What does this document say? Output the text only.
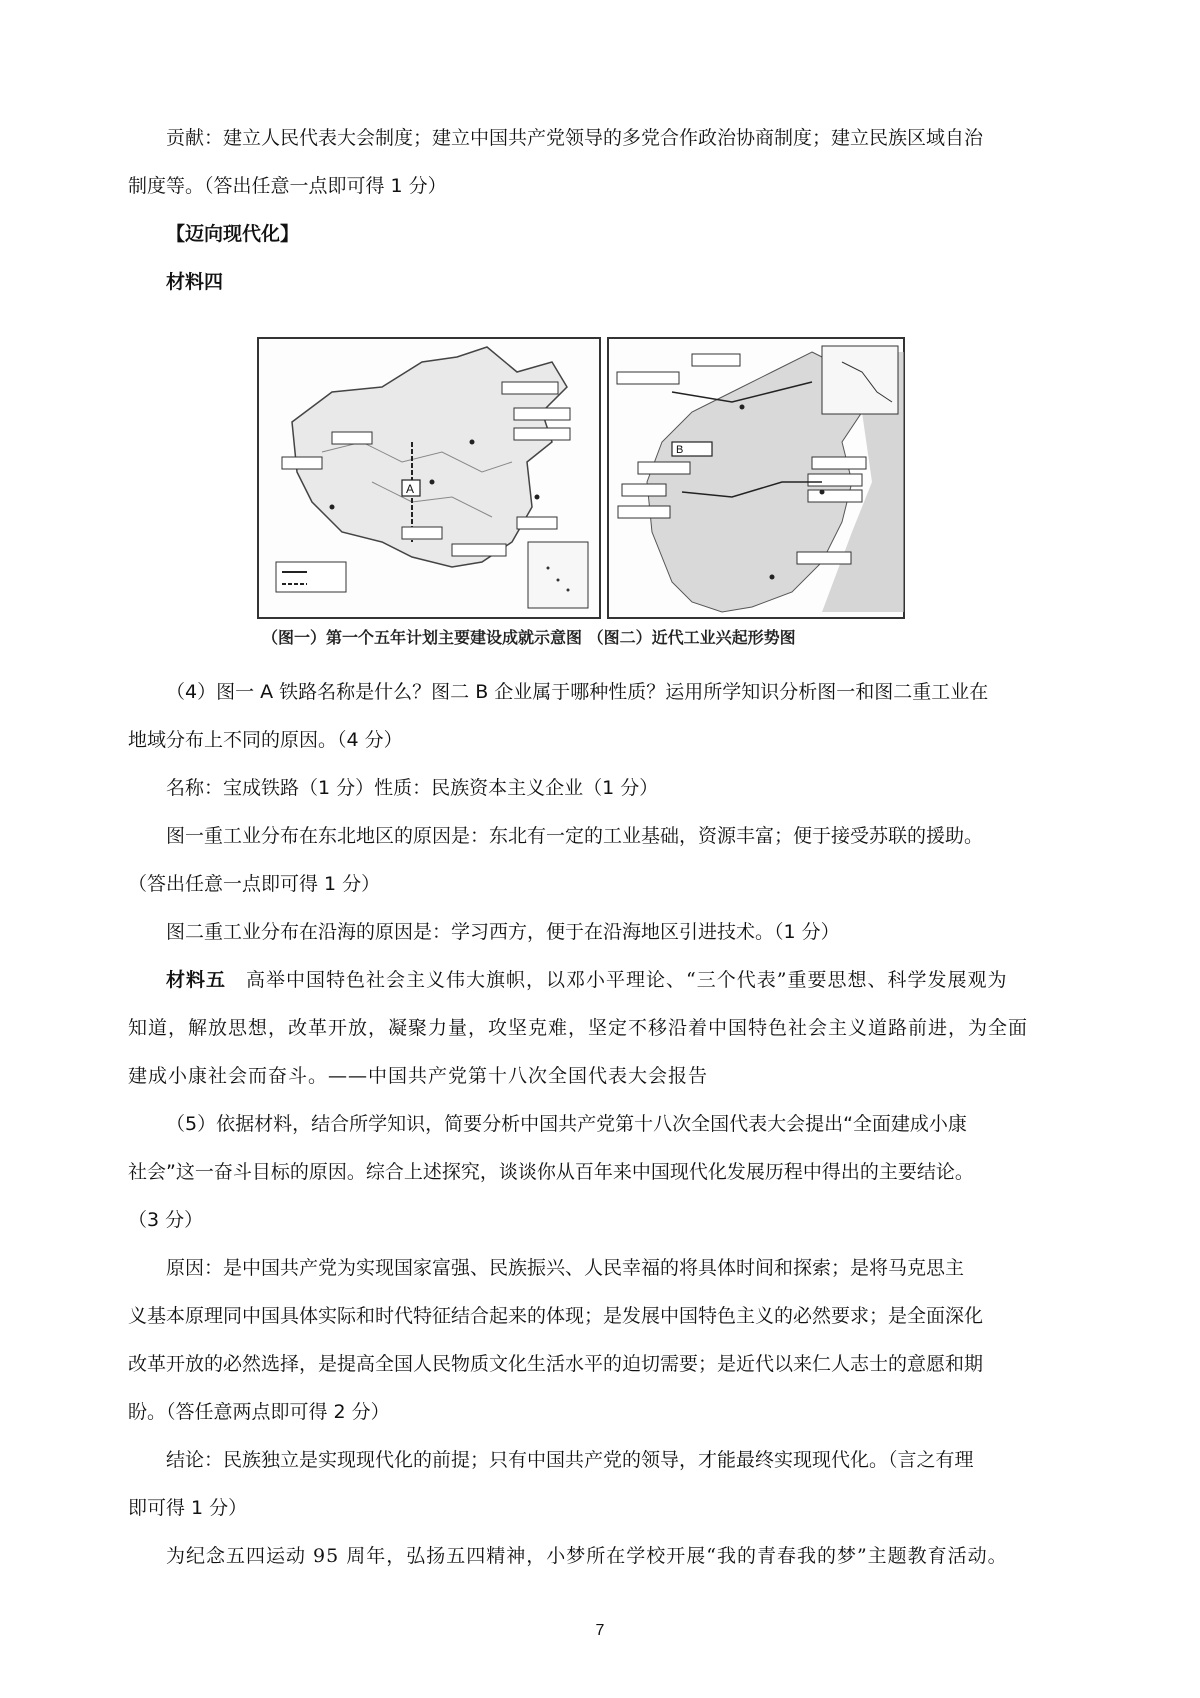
贡献：建立人民代表大会制度；建立中国共产党领导的多党合作政治协商制度；建立民族区域自治

制度等。（答出任意一点即可得 1 分）

【迈向现代化】

材料四

A
B
（图一）第一个五年计划主要建设成就示意图 （图二）近代工业兴起形势图

（4）图一 A 铁路名称是什么？图二 B 企业属于哪种性质？运用所学知识分析图一和图二重工业在

地域分布上不同的原因。（4 分）

名称：宝成铁路（1 分）性质：民族资本主义企业（1 分）

图一重工业分布在东北地区的原因是：东北有一定的工业基础，资源丰富；便于接受苏联的援助。

（答出任意一点即可得 1 分）

图二重工业分布在沿海的原因是：学习西方，便于在沿海地区引进技术。（1 分）

材料五　高举中国特色社会主义伟大旗帜，以邓小平理论、“三个代表”重要思想、科学发展观为

知道，解放思想，改革开放，凝聚力量，攻坚克难，坚定不移沿着中国特色社会主义道路前进，为全面

建成小康社会而奋斗。——中国共产党第十八次全国代表大会报告

（5）依据材料，结合所学知识，简要分析中国共产党第十八次全国代表大会提出“全面建成小康

社会”这一奋斗目标的原因。综合上述探究，谈谈你从百年来中国现代化发展历程中得出的主要结论。

（3 分）

原因：是中国共产党为实现国家富强、民族振兴、人民幸福的将具体时间和探索；是将马克思主

义基本原理同中国具体实际和时代特征结合起来的体现；是发展中国特色主义的必然要求；是全面深化

改革开放的必然选择，是提高全国人民物质文化生活水平的迫切需要；是近代以来仁人志士的意愿和期

盼。（答任意两点即可得 2 分）

结论：民族独立是实现现代化的前提；只有中国共产党的领导，才能最终实现现代化。（言之有理

即可得 1 分）

为纪念五四运动 95 周年，弘扬五四精神，小梦所在学校开展“我的青春我的梦”主题教育活动。

7
